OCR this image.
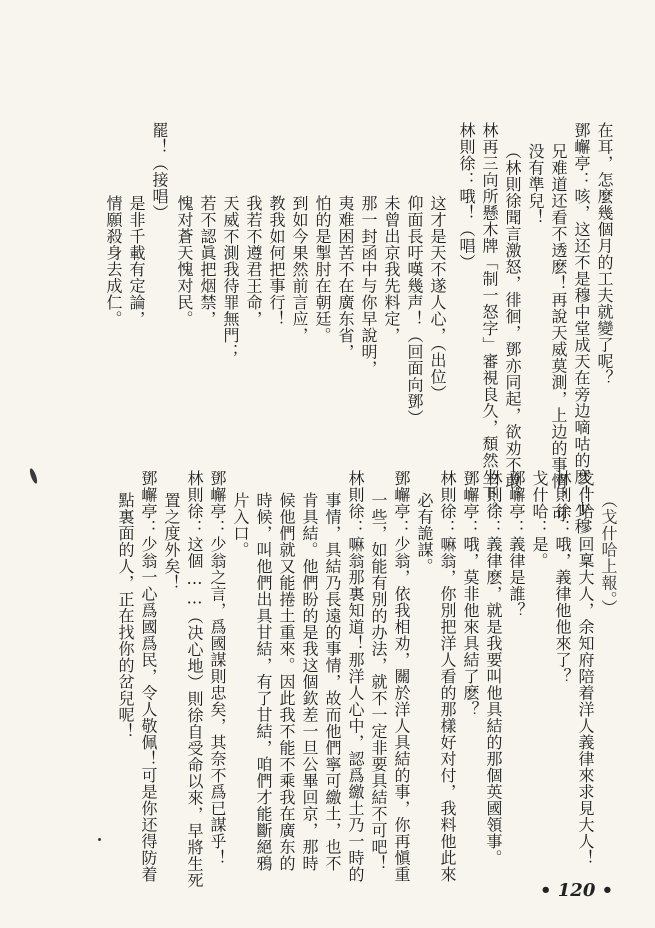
在耳，怎麼幾個月的工夫就變了呢？
鄧嶰亭：咳，这还不是穆中堂成天在旁边嘀咕的麽！少穆
兄难道还看不透麽！再說天威莫測，上边的事情，可
没有準兒！
（林則徐聞言激怒，徘徊，鄧亦同起，欲劝不敢，
林再三向所懸木牌「制一怒字」審視良久，頹然坐下。
林則徐：哦！（唱）
这才是天不遂人心，（出位）
仰面長吁嘆幾声！（回面向鄧）
未曾出京我先料定，
那一封函中与你早說明，
夷难困苦不在廣东省，
怕的是掣肘在朝廷。
到如今果然前言应，
教我如何把事行！
我若不遵君王命，
天威不測我待罪無門；
若不認眞把烟禁，
愧对蒼天愧对民。
罷！（接唱）
是非千載有定論，
情願殺身去成仁。
（戈什哈上報。）
戈什哈：回稟大人，余知府陪着洋人義律來求見大人！
林則徐：哦，義律他他來了？
戈什哈：是。
鄧嶰亭：義律是誰？
林則徐：義律麽，就是我要叫他具結的那個英國領事。
鄧嶰亭：哦，莫非他來具結了麽？
林則徐：嘛翁，你別把洋人看的那樣好对付，我料他此來
必有詭謀。
鄧嶰亭：少翁，依我相劝，關於洋人具結的事，你再愼重
一些，如能有別的办法，就不一定非要具結不可吧！
林則徐：嘛翁那裏知道！那洋人心中，認爲繳土乃一時的
事情，具結乃長遠的事情，故而他們寧可繳土，也不
肯具結。他們盼的是我这個欽差一旦公畢回京，那時
候他們就又能捲土重來。因此我不能不乘我在廣东的
時候，叫他們出具甘結，有了甘結，咱們才能斷絕鴉
片入口。
鄧嶰亭：少翁之言，爲國謀則忠矣，其奈不爲已謀乎！
林則徐：这個……（决心地）則徐自受命以來，早將生死
置之度外矣！
鄧嶰亭：少翁一心爲國爲民，令人敬佩！可是你还得防着
點裏面的人，正在找你的岔兒呢！
• 120 •
